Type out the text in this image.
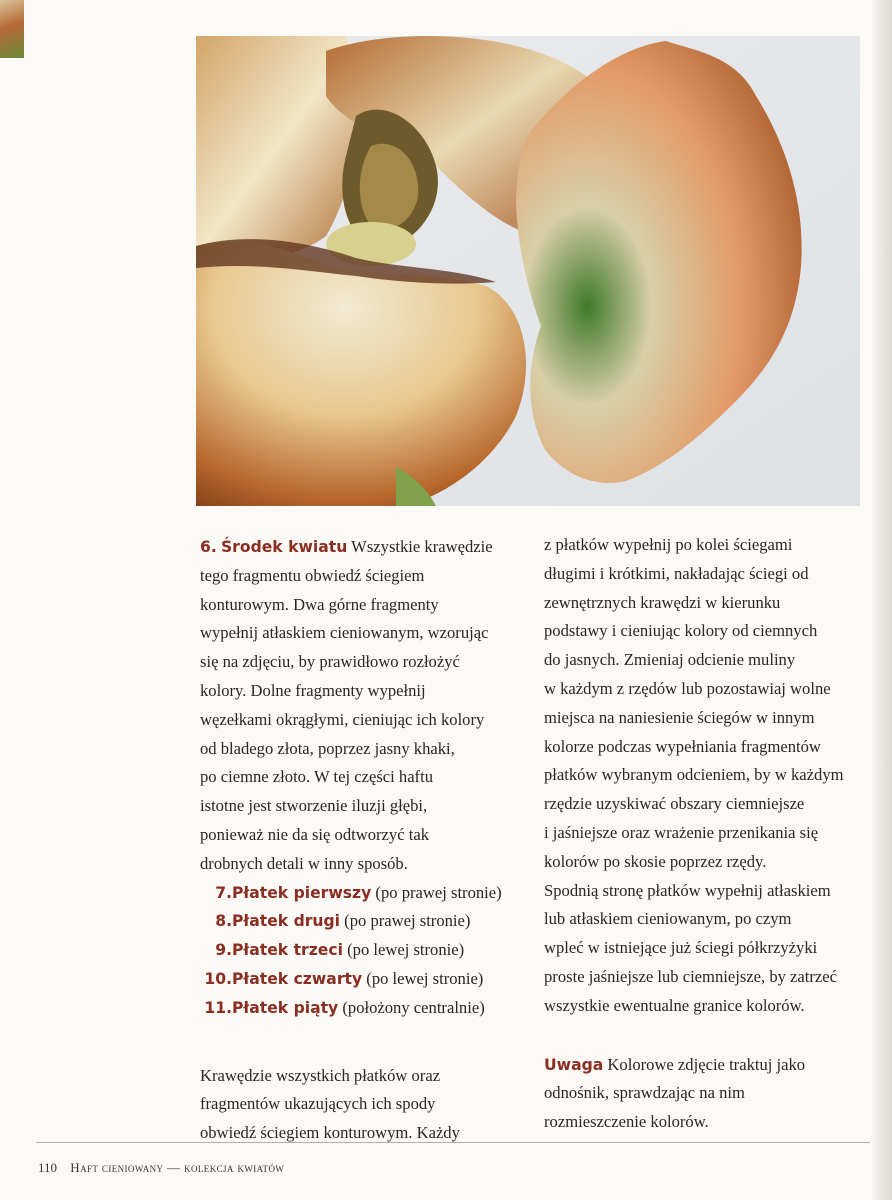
6. Środek kwiatu Wszystkie krawędzie
tego fragmentu obwiedź ściegiem
konturowym. Dwa górne fragmenty
wypełnij atłaskiem cieniowanym, wzorując
się na zdjęciu, by prawidłowo rozłożyć
kolory. Dolne fragmenty wypełnij
węzełkami okrągłymi, cieniując ich kolory
od bladego złota, poprzez jasny khaki,
po ciemne złoto. W tej części haftu
istotne jest stworzenie iluzji głębi,
ponieważ nie da się odtworzyć tak
drobnych detali w inny sposób.

7.Płatek pierwszy (po prawej stronie)
8.Płatek drugi (po prawej stronie)
9.Płatek trzeci (po lewej stronie)
10.Płatek czwarty (po lewej stronie)
11.Płatek piąty (położony centralnie)

Krawędzie wszystkich płatków oraz
fragmentów ukazujących ich spody
obwiedź ściegiem konturowym. Każdy

z płatków wypełnij po kolei ściegami
długimi i krótkimi, nakładając ściegi od
zewnętrznych krawędzi w kierunku
podstawy i cieniując kolory od ciemnych
do jasnych. Zmieniaj odcienie muliny
w każdym z rzędów lub pozostawiaj wolne
miejsca na naniesienie ściegów w innym
kolorze podczas wypełniania fragmentów
płatków wybranym odcieniem, by w każdym
rzędzie uzyskiwać obszary ciemniejsze
i jaśniejsze oraz wrażenie przenikania się
kolorów po skosie poprzez rzędy.
Spodnią stronę płatków wypełnij atłaskiem
lub atłaskiem cieniowanym, po czym
wpleć w istniejące już ściegi półkrzyżyki
proste jaśniejsze lub ciemniejsze, by zatrzeć
wszystkie ewentualne granice kolorów.

Uwaga Kolorowe zdjęcie traktuj jako
odnośnik, sprawdzając na nim
rozmieszczenie kolorów.

110 Haft cieniowany — kolekcja kwiatów
